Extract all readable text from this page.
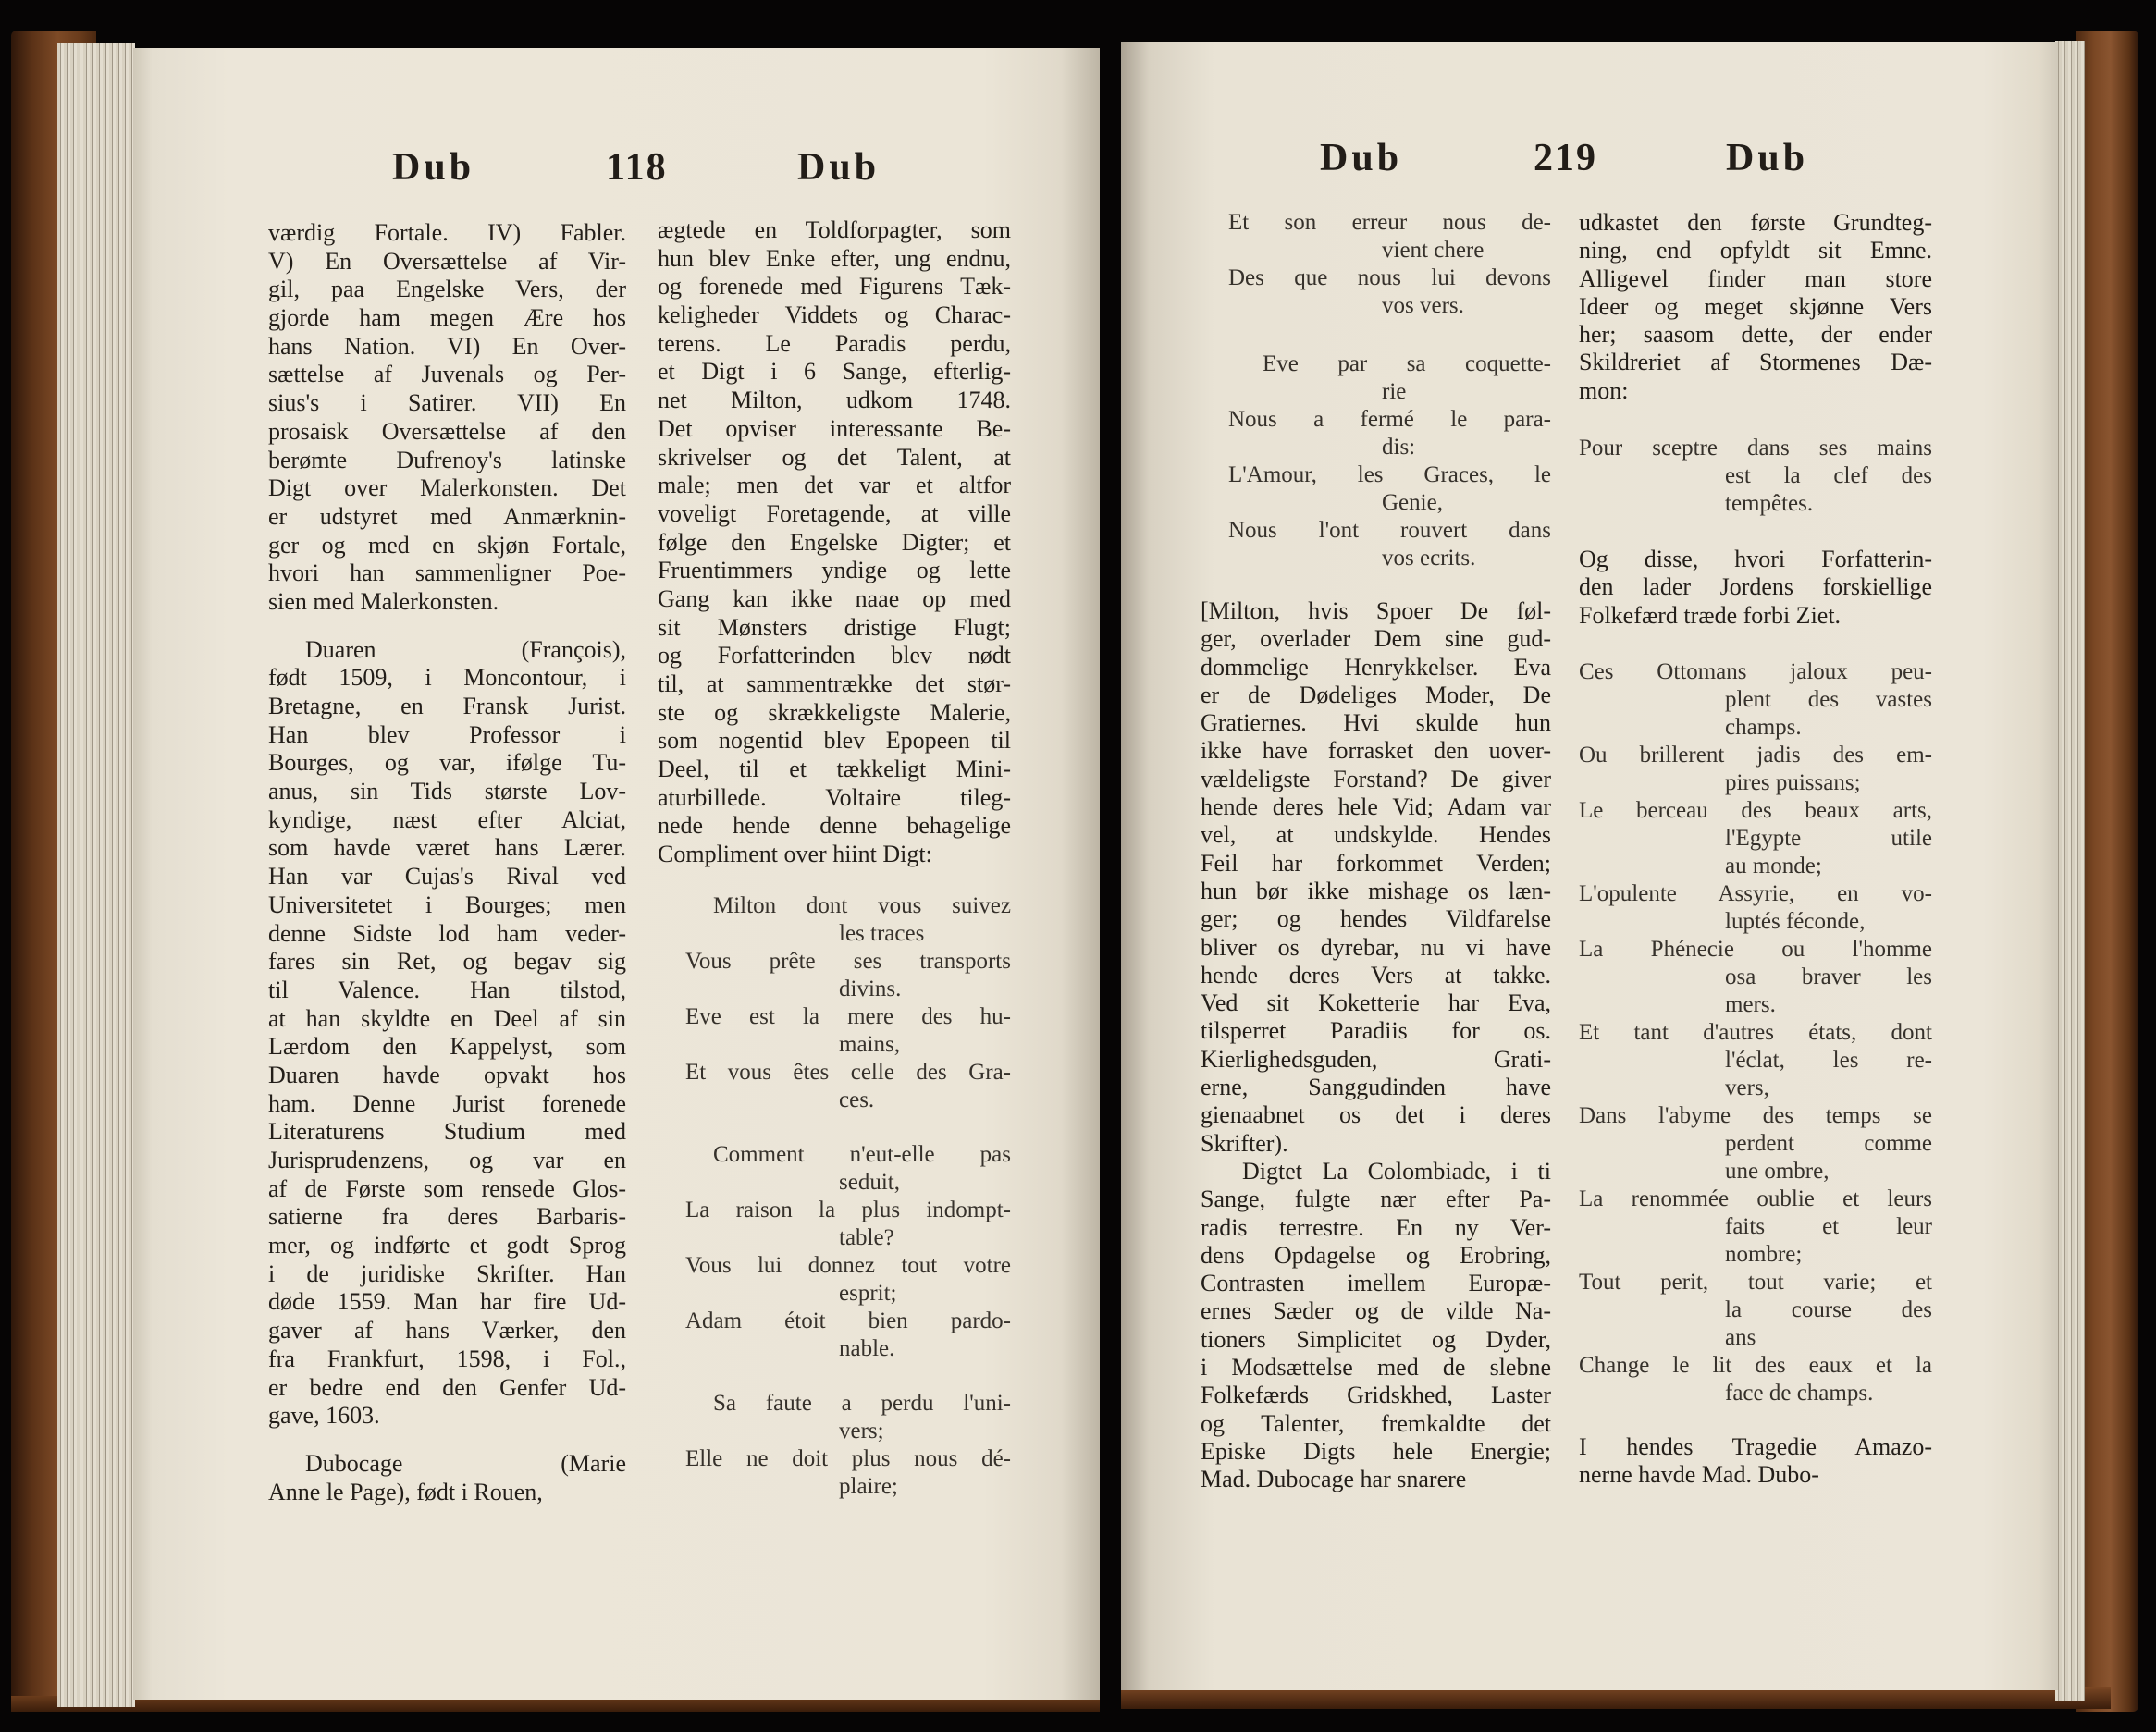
Dub	118	Dub	Dub	219	Dub
værdig Fortale. IV) Fabler.
V) En Oversættelse af Vir-
gil, paa Engelske Vers, der
gjorde ham megen Ære hos
hans Nation. VI) En Over-
sættelse af Juvenals og Per-
sius's i Satirer. VII) En
prosaisk Oversættelse af den
berømte Dufrenoy's latinske
Digt over Malerkonsten. Det
er udstyret med Anmærknin-
ger og med en skjøn Fortale,
hvori han sammenligner Poe-
sien med Malerkonsten.
Duaren (François),
født 1509, i Moncontour, i
Bretagne, en Fransk Jurist.
Han blev Professor i
Bourges, og var, ifølge Tu-
anus, sin Tids største Lov-
kyndige, næst efter Alciat,
som havde været hans Lærer.
Han var Cujas's Rival ved
Universitetet i Bourges; men
denne Sidste lod ham veder-
fares sin Ret, og begav sig
til Valence. Han tilstod,
at han skyldte en Deel af sin
Lærdom den Kappelyst, som
Duaren havde opvakt hos
ham. Denne Jurist forenede
Literaturens Studium med
Jurisprudenzens, og var en
af de Første som rensede Glos-
satierne fra deres Barbaris-
mer, og indførte et godt Sprog
i de juridiske Skrifter. Han
døde 1559. Man har fire Ud-
gaver af hans Værker, den
fra Frankfurt, 1598, i Fol.,
er bedre end den Genfer Ud-
gave, 1603.
Dubocage (Marie
Anne le Page), født i Rouen,
ægtede en Toldforpagter, som
hun blev Enke efter, ung endnu,
og forenede med Figurens Tæk-
keligheder Viddets og Charac-
terens. Le Paradis perdu,
et Digt i 6 Sange, efterlig-
net Milton, udkom 1748.
Det opviser interessante Be-
skrivelser og det Talent, at
male; men det var et altfor
voveligt Foretagende, at ville
følge den Engelske Digter; et
Fruentimmers yndige og lette
Gang kan ikke naae op med
sit Mønsters dristige Flugt;
og Forfatterinden blev nødt
til, at sammentrække det stør-
ste og skrækkeligste Malerie,
som nogentid blev Epopeen til
Deel, til et tækkeligt Mini-
aturbillede. Voltaire tileg-
nede hende denne behagelige
Compliment over hiint Digt:
Milton dont vous suivez
les traces
Vous prête ses transports
divins.
Eve est la mere des hu-
mains,
Et vous êtes celle des Gra-
ces.
Comment n'eut-elle pas
seduit,
La raison la plus indompt-
table?
Vous lui donnez tout votre
esprit;
Adam étoit bien pardo-
nable.
Sa faute a perdu l'uni-
vers;
Elle ne doit plus nous dé-
plaire;
Et son erreur nous de-
vient chere
Des que nous lui devons
vos vers.
Eve par sa coquette-
rie
Nous a fermé le para-
dis:
L'Amour, les Graces, le
Genie,
Nous l'ont rouvert dans
vos ecrits.
[Milton, hvis Spoer De føl-
ger, overlader Dem sine gud-
dommelige Henrykkelser. Eva
er de Dødeliges Moder, De
Gratiernes. Hvi skulde hun
ikke have forrasket den uover-
vældeligste Forstand? De giver
hende deres hele Vid; Adam var
vel, at undskylde. Hendes
Feil har forkommet Verden;
hun bør ikke mishage os læn-
ger; og hendes Vildfarelse
bliver os dyrebar, nu vi have
hende deres Vers at takke.
Ved sit Koketterie har Eva,
tilsperret Paradiis for os.
Kierlighedsguden, Grati-
erne, Sanggudinden have
gienaabnet os det i deres
Skrifter).
Digtet La Colombiade, i ti
Sange, fulgte nær efter Pa-
radis terrestre. En ny Ver-
dens Opdagelse og Erobring,
Contrasten imellem Europæ-
ernes Sæder og de vilde Na-
tioners Simplicitet og Dyder,
i Modsættelse med de slebne
Folkefærds Gridskhed, Laster
og Talenter, fremkaldte det
Episke Digts hele Energie;
Mad. Dubocage har snarere
udkastet den første Grundteg-
ning, end opfyldt sit Emne.
Alligevel finder man store
Ideer og meget skjønne Vers
her; saasom dette, der ender
Skildreriet af Stormenes Dæ-
mon:
Pour sceptre dans ses mains
est la clef des
tempêtes.
Og disse, hvori Forfatterin-
den lader Jordens forskiellige
Folkefærd træde forbi Ziet.
Ces Ottomans jaloux peu-
plent des vastes
champs.
Ou brillerent jadis des em-
pires puissans;
Le berceau des beaux arts,
l'Egypte utile
au monde;
L'opulente Assyrie, en vo-
luptés féconde,
La Phénecie ou l'homme
osa braver les
mers.
Et tant d'autres états, dont
l'éclat, les re-
vers,
Dans l'abyme des temps se
perdent comme
une ombre,
La renommée oublie et leurs
faits et leur
nombre;
Tout perit, tout varie; et
la course des
ans
Change le lit des eaux et la
face de champs.
I hendes Tragedie Amazo-
nerne havde Mad. Dubo-
